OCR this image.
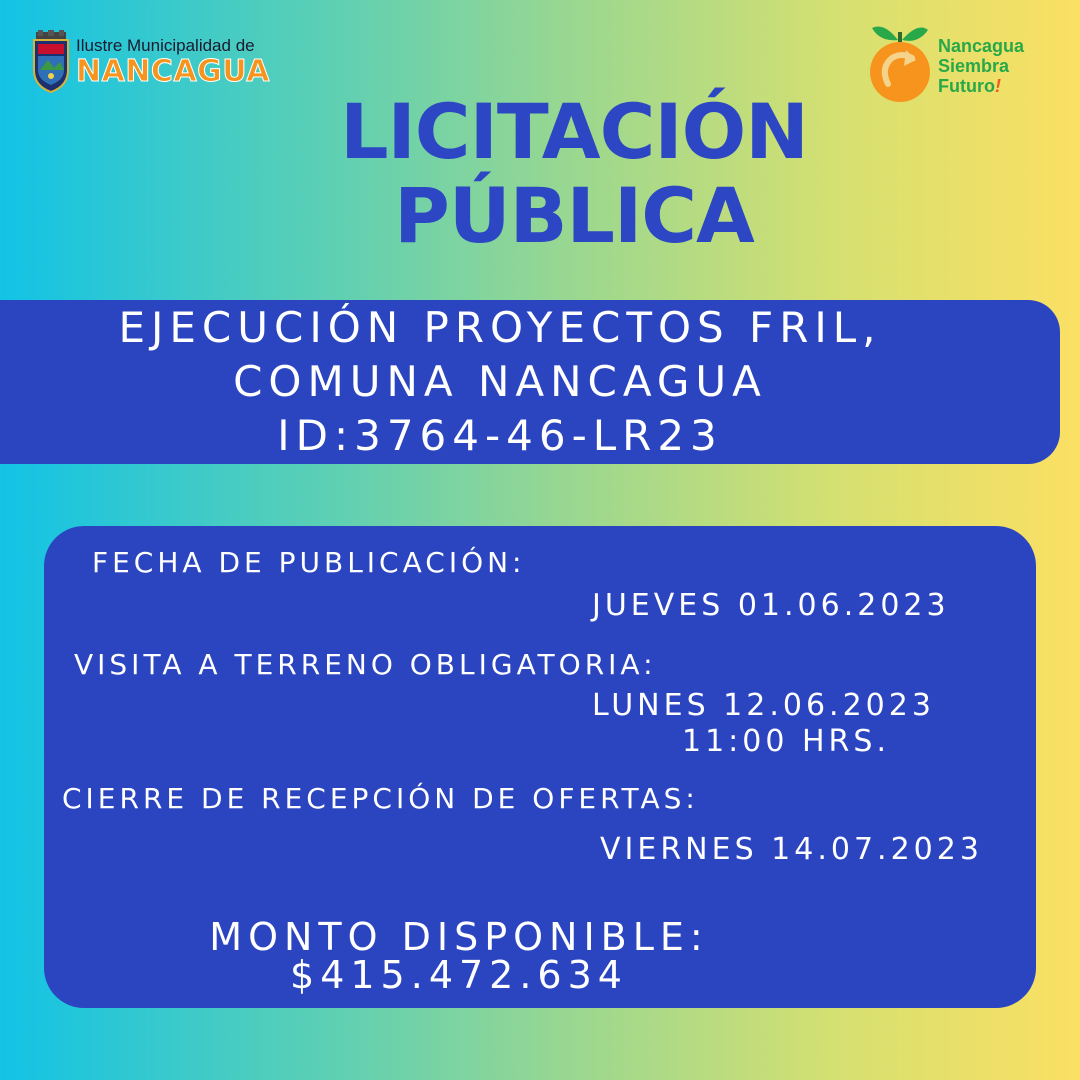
Ilustre Municipalidad de
NANCAGUA
Nancagua
Siembra
Futuro!
LICITACIÓN
PÚBLICA
EJECUCIÓN PROYECTOS FRIL,
COMUNA NANCAGUA
ID:3764-46-LR23
FECHA DE PUBLICACIÓN:
JUEVES 01.06.2023
VISITA A TERRENO OBLIGATORIA:
LUNES 12.06.2023
11:00 HRS.
CIERRE DE RECEPCIÓN DE OFERTAS:
VIERNES 14.07.2023
MONTO DISPONIBLE:
$415.472.634
